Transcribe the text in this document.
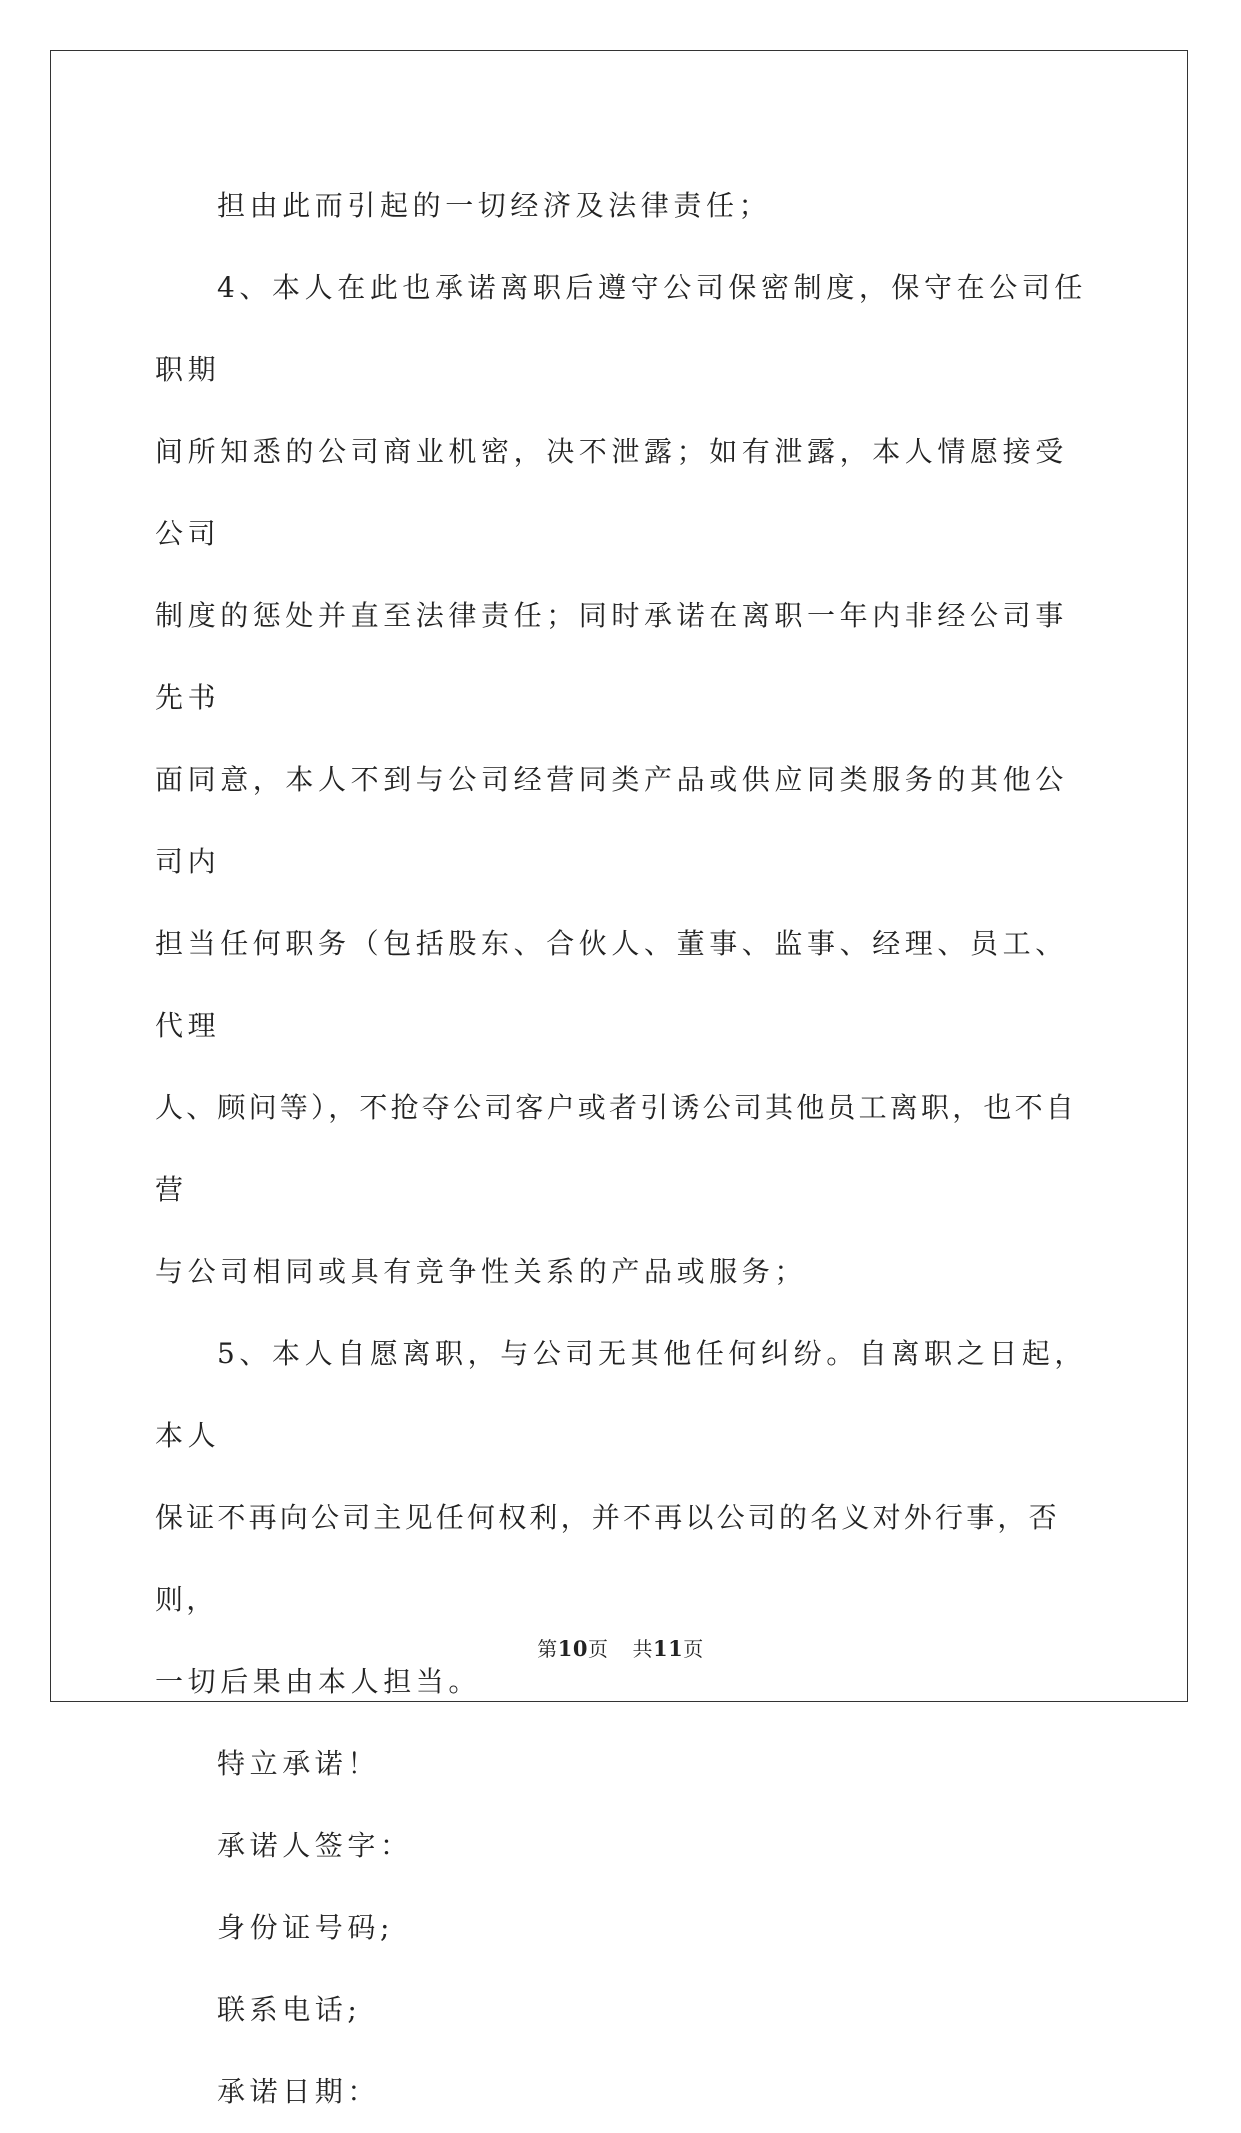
担由此而引起的一切经济及法律责任；

4、本人在此也承诺离职后遵守公司保密制度，保守在公司任职期

间所知悉的公司商业机密，决不泄露；如有泄露，本人情愿接受公司

制度的惩处并直至法律责任；同时承诺在离职一年内非经公司事先书

面同意，本人不到与公司经营同类产品或供应同类服务的其他公司内

担当任何职务（包括股东、合伙人、董事、监事、经理、员工、代理

人、顾问等），不抢夺公司客户或者引诱公司其他员工离职，也不自营

与公司相同或具有竞争性关系的产品或服务；

5、本人自愿离职，与公司无其他任何纠纷。自离职之日起，本人

保证不再向公司主见任何权利，并不再以公司的名义对外行事，否则，

一切后果由本人担当。

特立承诺！

承诺人签字：

身份证号码;

联系电话;

承诺日期：

第10页 共11页
